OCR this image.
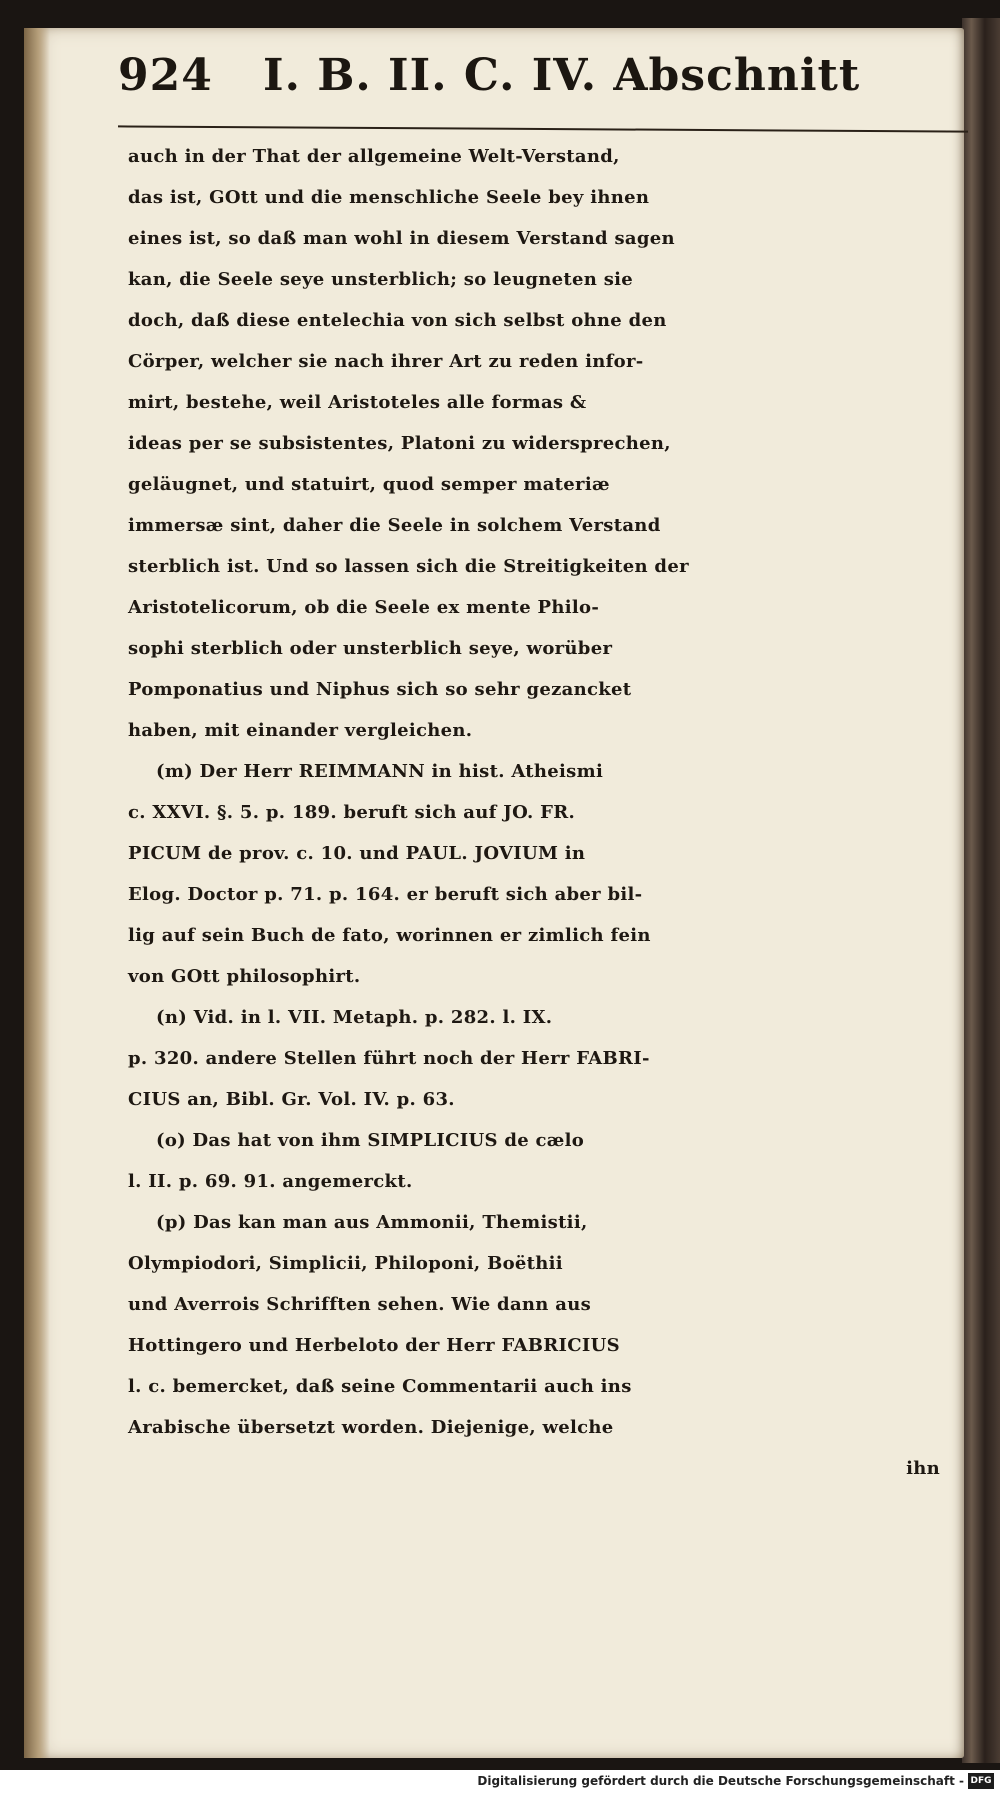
924 I. B. II. C. IV. Abschnitt
auch in der That der allgemeine Welt-Verstand,
das ist, GOtt und die menschliche Seele bey ihnen
eines ist, so daß man wohl in diesem Verstand sagen
kan, die Seele seye unsterblich; so leugneten sie
doch, daß diese entelechia von sich selbst ohne den
Cörper, welcher sie nach ihrer Art zu reden infor-
mirt, bestehe, weil Aristoteles alle formas &
ideas per se subsistentes, Platoni zu widersprechen,
geläugnet, und statuirt, quod semper materiæ
immersæ sint, daher die Seele in solchem Verstand
sterblich ist. Und so lassen sich die Streitigkeiten der
Aristotelicorum, ob die Seele ex mente Philo-
sophi sterblich oder unsterblich seye, worüber
Pomponatius und Niphus sich so sehr gezancket
haben, mit einander vergleichen.
(m) Der Herr REIMMANN in hist. Atheismi
c. XXVI. §. 5. p. 189. beruft sich auf JO. FR.
PICUM de prov. c. 10. und PAUL. JOVIUM in
Elog. Doctor p. 71. p. 164. er beruft sich aber bil-
lig auf sein Buch de fato, worinnen er zimlich fein
von GOtt philosophirt.
(n) Vid. in l. VII. Metaph. p. 282. l. IX.
p. 320. andere Stellen führt noch der Herr FABRI-
CIUS an, Bibl. Gr. Vol. IV. p. 63.
(o) Das hat von ihm SIMPLICIUS de cælo
l. II. p. 69. 91. angemerckt.
(p) Das kan man aus Ammonii, Themistii,
Olympiodori, Simplicii, Philoponi, Boëthii
und Averrois Schrifften sehen. Wie dann aus
Hottingero und Herbeloto der Herr FABRICIUS
l. c. bemercket, daß seine Commentarii auch ins
Arabische übersetzt worden. Diejenige, welche
ihn
Digitalisierung gefördert durch die Deutsche Forschungsgemeinschaft - DFG
